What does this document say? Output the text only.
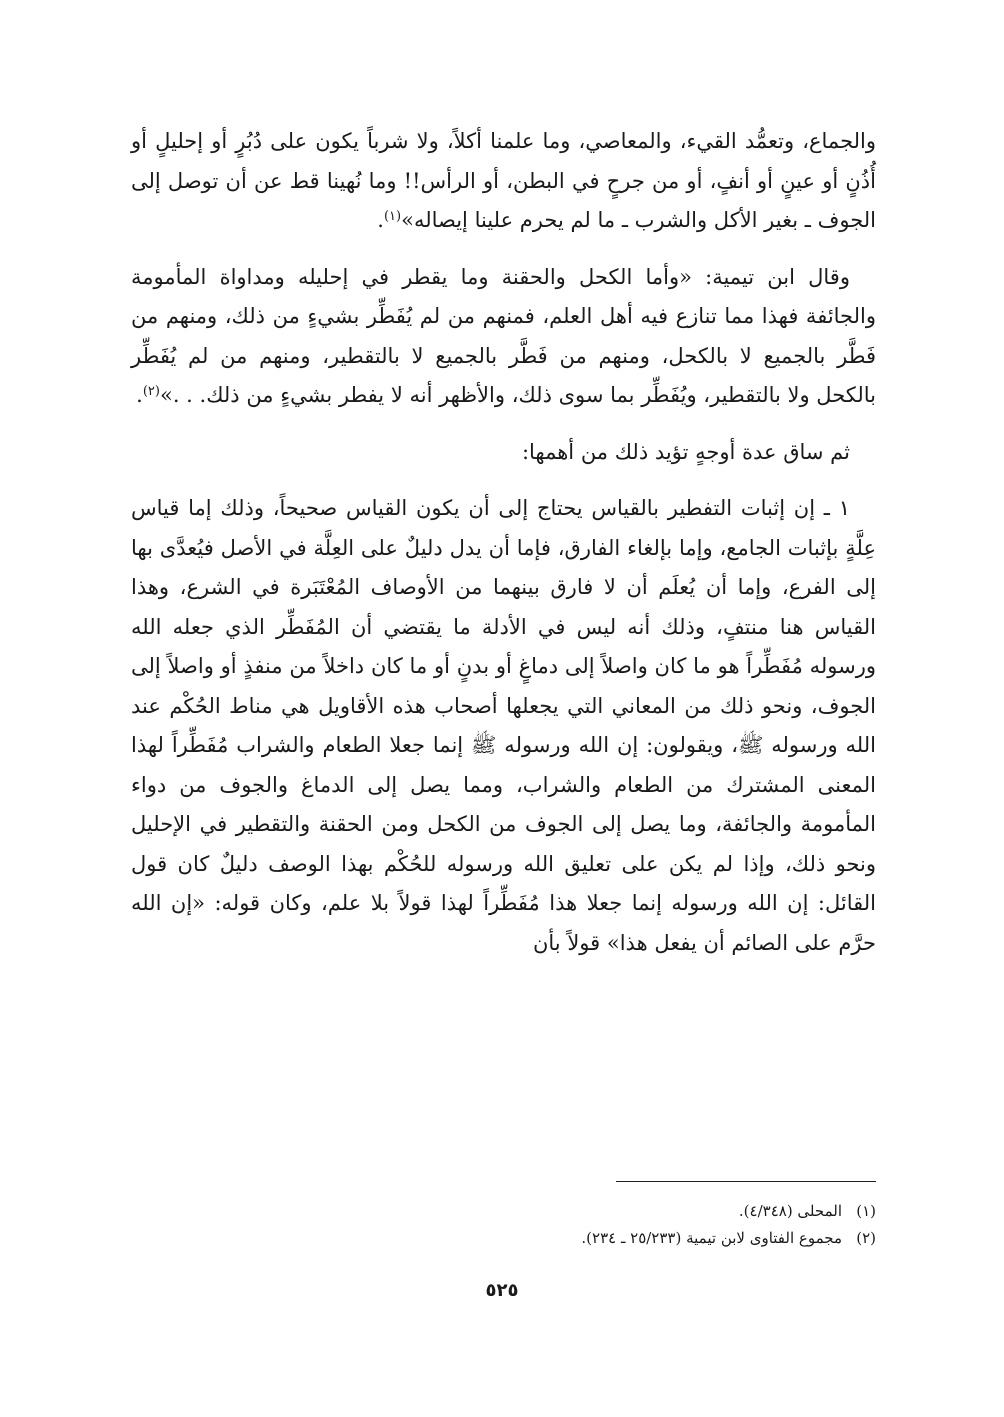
والجماع، وتعمُّد القيء، والمعاصي، وما علمنا أكلاً، ولا شرباً يكون على دُبُرٍ أو إحليلٍ أو أُذُنٍ أو عينٍ أو أنفٍ، أو من جرحٍ في البطن، أو الرأس!! وما نُهينا قط عن أن توصل إلى الجوف ـ بغير الأكل والشرب ـ ما لم يحرم علينا إيصاله»$^{(١)}$.

وقال ابن تيمية: «وأما الكحل والحقنة وما يقطر في إحليله ومداواة المأمومة والجائفة فهذا مما تنازع فيه أهل العلم، فمنهم من لم يُفَطِّر بشيءٍ من ذلك، ومنهم من فَطَّر بالجميع لا بالكحل، ومنهم من فَطَّر بالجميع لا بالتقطير، ومنهم من لم يُفَطِّر بالكحل ولا بالتقطير، ويُفَطِّر بما سوى ذلك، والأظهر أنه لا يفطر بشيءٍ من ذلك. . .»$^{(٢)}$.

ثم ساق عدة أوجهٍ تؤيد ذلك من أهمها:

١ ـ إن إثبات التفطير بالقياس يحتاج إلى أن يكون القياس صحيحاً، وذلك إما قياس عِلَّةٍ بإثبات الجامع، وإما بإلغاء الفارق، فإما أن يدل دليلٌ على العِلَّة في الأصل فيُعدَّى بها إلى الفرع، وإما أن يُعلَم أن لا فارق بينهما من الأوصاف المُعْتَبَرة في الشرع، وهذا القياس هنا منتفٍ، وذلك أنه ليس في الأدلة ما يقتضي أن المُفَطِّر الذي جعله الله ورسوله مُفَطِّراً هو ما كان واصلاً إلى دماغٍ أو بدنٍ أو ما كان داخلاً من منفذٍ أو واصلاً إلى الجوف، ونحو ذلك من المعاني التي يجعلها أصحاب هذه الأقاويل هي مناط الحُكْم عند الله ورسوله ﷺ، ويقولون: إن الله ورسوله ﷺ إنما جعلا الطعام والشراب مُفَطِّراً لهذا المعنى المشترك من الطعام والشراب، ومما يصل إلى الدماغ والجوف من دواء المأمومة والجائفة، وما يصل إلى الجوف من الكحل ومن الحقنة والتقطير في الإحليل ونحو ذلك، وإذا لم يكن على تعليق الله ورسوله للحُكْم بهذا الوصف دليلٌ كان قول القائل: إن الله ورسوله إنما جعلا هذا مُفَطِّراً لهذا قولاً بلا علم، وكان قوله: «إن الله حرَّم على الصائم أن يفعل هذا» قولاً بأن

(١)المحلى (٤/٣٤٨).
(٢)مجموع الفتاوى لابن تيمية (٢٥/٢٣٣ ـ ٢٣٤).
٥٢٥
